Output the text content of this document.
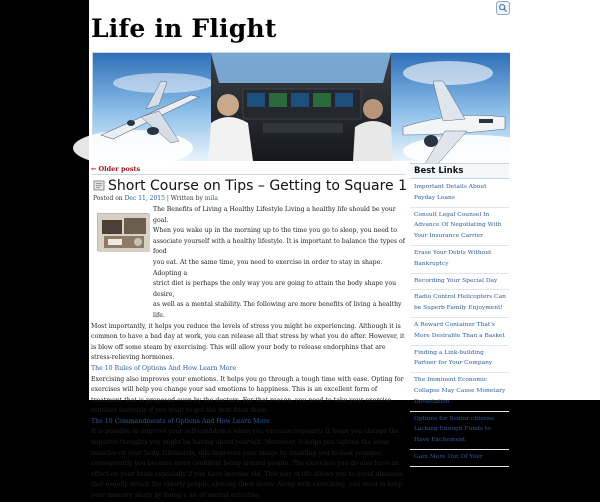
Life in Flight
← Older posts
Short Course on Tips – Getting to Square 1
Posted on Dec 11, 2015 | Written by mila
The Benefits of Living a Healthy Lifestyle Living a healthy life should be your goal.
When you wake up in the morning up to the time you go to sleep, you need to
associate yourself with a healthy lifestyle. It is important to balance the types of food
you eat. At the same time, you need to exercise in order to stay in shape. Adopting a
strict diet is perhaps the only way you are going to attain the body shape you desire,
as well as a mental stability. The following are more benefits of living a healthy life.

Most importantly, it helps you reduce the levels of stress you might be experiencing. Although it is common to have a bad day at work, you can release all that stress by what you do after. However, it is blow off some steam by exercising. This will allow your body to release endorphins that are stress-relieving hormones.

The 10 Rules of Options And How Learn More

Exercising also improves your emotions. It helps you go through a tough time with ease. Opting for exercises will help you change your sad emotions to happiness. This is an excellent form of treatment that is proposed even by the doctors. For that reason, you need to take your exercise routines seriously if you want to get the best from them.

The 10 Commandments of Options And How Learn More

It is possible to improve your self-confidence when you exercise regularly. It helps you change the negative thoughts you might be having about yourself. Moreover, it helps you tighten the loose muscles on your body. Ultimately, this improves your image by enabling you to look younger; consequently you become more confident being around people. The exercises you do also have an effect on your brain especially if you have become old. This way of life allows you to avoid diseases that usually attack the elderly people, slowing them down. Along with exercising, you need to keep your memory sharp by doing a lot of mental activities.

Best Links
Important Details About Payday Loans
Consult Legal Counsel In Advance Of Negotiating With Your Insurance Carrier
Erase Your Debts Without Bankruptcy
Recording Your Special Day
Radio Control Helicopters Can be Superb Family Enjoyment!
A Reward Container That's More Desirable Than a Basket
Finding a Link-building Partner for Your Company
The Imminent Economic Collapse May Cause Monetary Devastation
Options for Senior citizens Lacking Enough Funds to Have Excitement
Gain More Out Of Your
